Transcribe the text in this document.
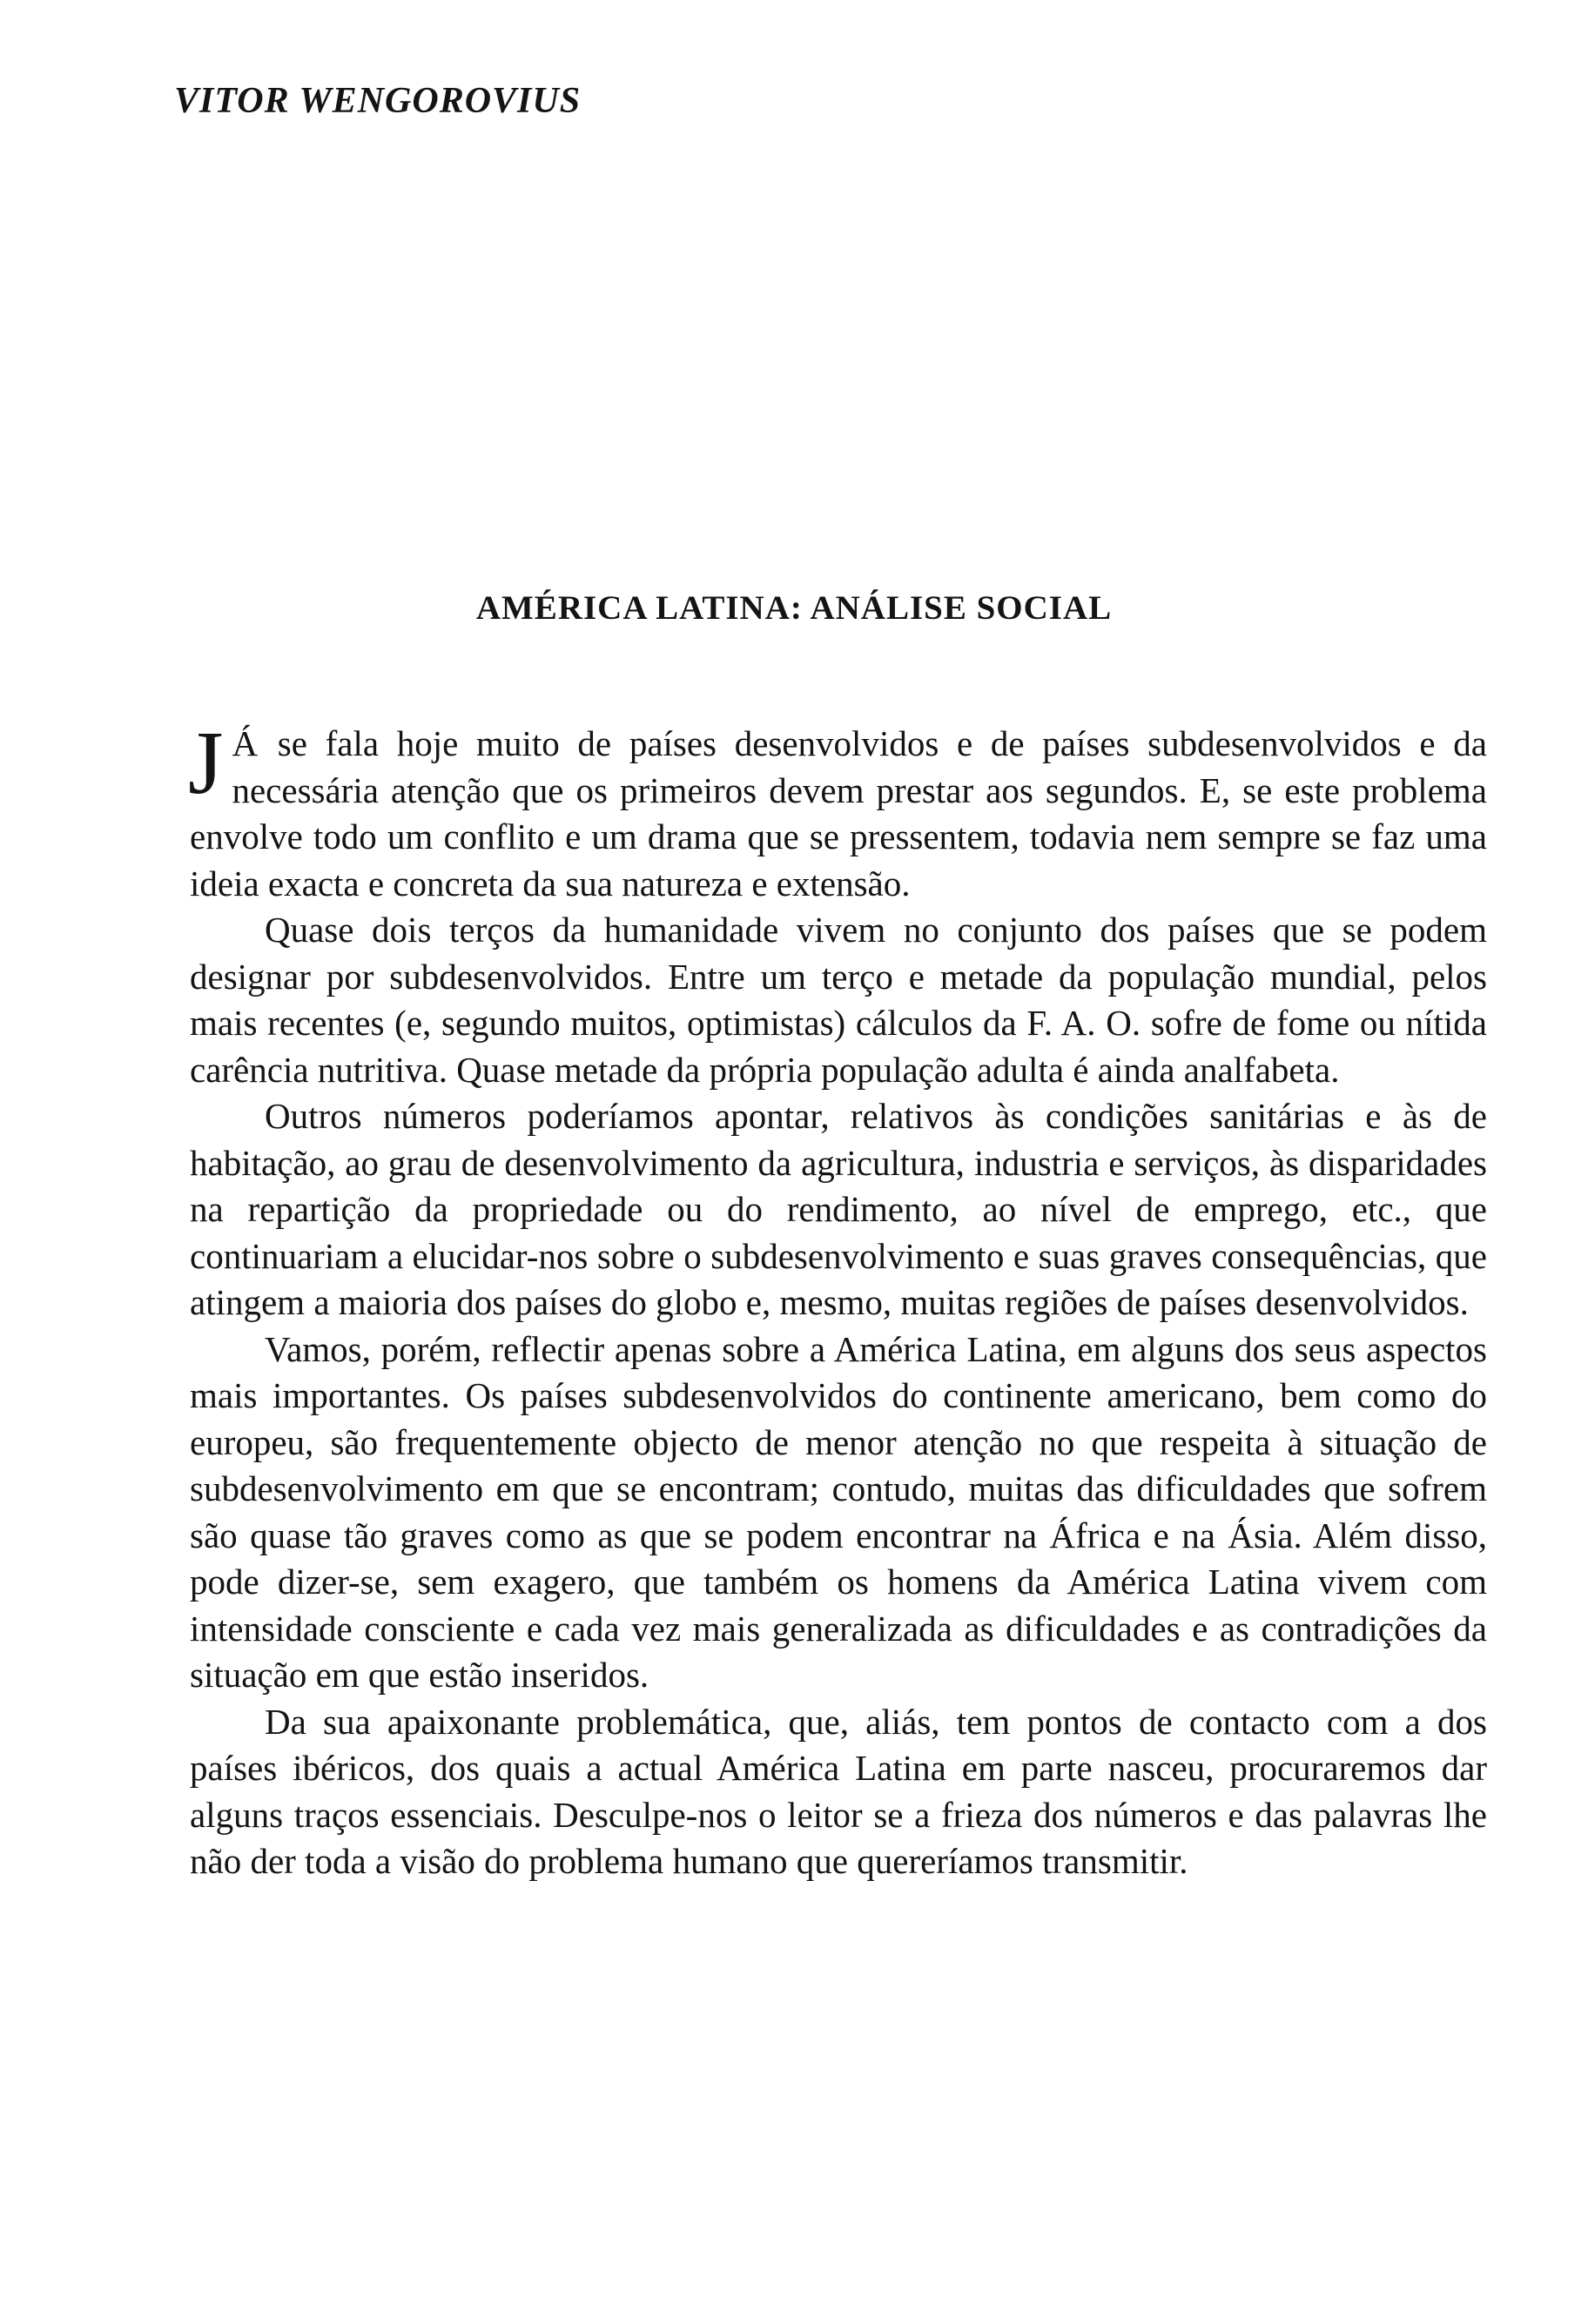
VITOR WENGOROVIUS
AMÉRICA LATINA: ANÁLISE SOCIAL

J Á se fala hoje muito de países desenvolvidos e de países subdesenvolvidos e da necessária atenção que os primeiros devem prestar aos segundos. E, se este problema envolve todo um conflito e um drama que se pressentem, todavia nem sempre se faz uma ideia exacta e concreta da sua natureza e extensão.

Quase dois terços da humanidade vivem no conjunto dos países que se podem designar por subdesenvolvidos. Entre um terço e metade da população mundial, pelos mais recentes (e, segundo muitos, optimistas) cálculos da F. A. O. sofre de fome ou nítida carência nutritiva. Quase metade da própria população adulta é ainda analfabeta.

Outros números poderíamos apontar, relativos às condições sanitárias e às de habitação, ao grau de desenvolvimento da agricultura, industria e serviços, às disparidades na repartição da propriedade ou do rendimento, ao nível de emprego, etc., que continuariam a elucidar-nos sobre o subdesenvolvimento e suas graves consequências, que atingem a maioria dos países do globo e, mesmo, muitas regiões de países desenvolvidos.

Vamos, porém, reflectir apenas sobre a América Latina, em alguns dos seus aspectos mais importantes. Os países subdesenvolvidos do continente americano, bem como do europeu, são frequentemente objecto de menor atenção no que respeita à situação de subdesenvolvimento em que se encontram; contudo, muitas das dificuldades que sofrem são quase tão graves como as que se podem encontrar na África e na Ásia. Além disso, pode dizer-se, sem exagero, que também os homens da América Latina vivem com intensidade consciente e cada vez mais generalizada as dificuldades e as contradições da situação em que estão inseridos.

Da sua apaixonante problemática, que, aliás, tem pontos de contacto com a dos países ibéricos, dos quais a actual América Latina em parte nasceu, procuraremos dar alguns traços essenciais. Desculpe-nos o leitor se a frieza dos números e das palavras lhe não der toda a visão do problema humano que quereríamos transmitir.
